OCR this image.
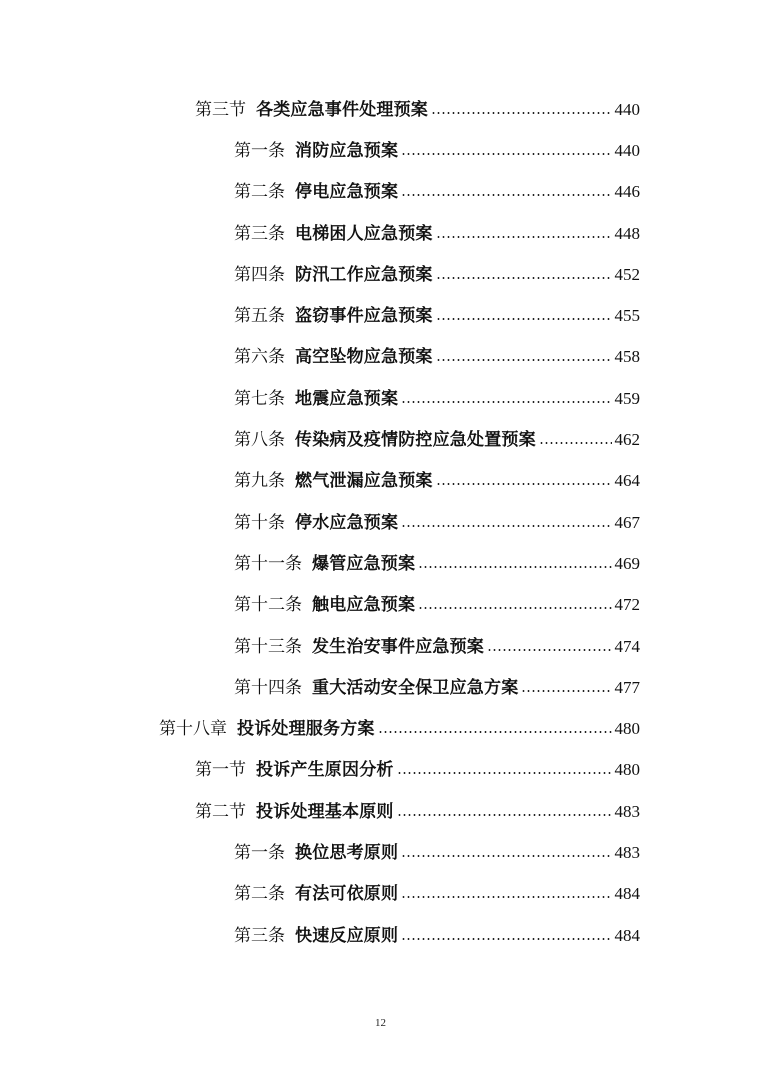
第三节 各类应急事件处理预案	440
第一条 消防应急预案	440
第二条 停电应急预案	446
第三条 电梯困人应急预案	448
第四条 防汛工作应急预案	452
第五条 盗窃事件应急预案	455
第六条 高空坠物应急预案	458
第七条 地震应急预案	459
第八条 传染病及疫情防控应急处置预案	462
第九条 燃气泄漏应急预案	464
第十条 停水应急预案	467
第十一条 爆管应急预案	469
第十二条 触电应急预案	472
第十三条 发生治安事件应急预案	474
第十四条 重大活动安全保卫应急方案	477
第十八章 投诉处理服务方案	480
第一节 投诉产生原因分析	480
第二节 投诉处理基本原则	483
第一条 换位思考原则	483
第二条 有法可依原则	484
第三条 快速反应原则	484
12
